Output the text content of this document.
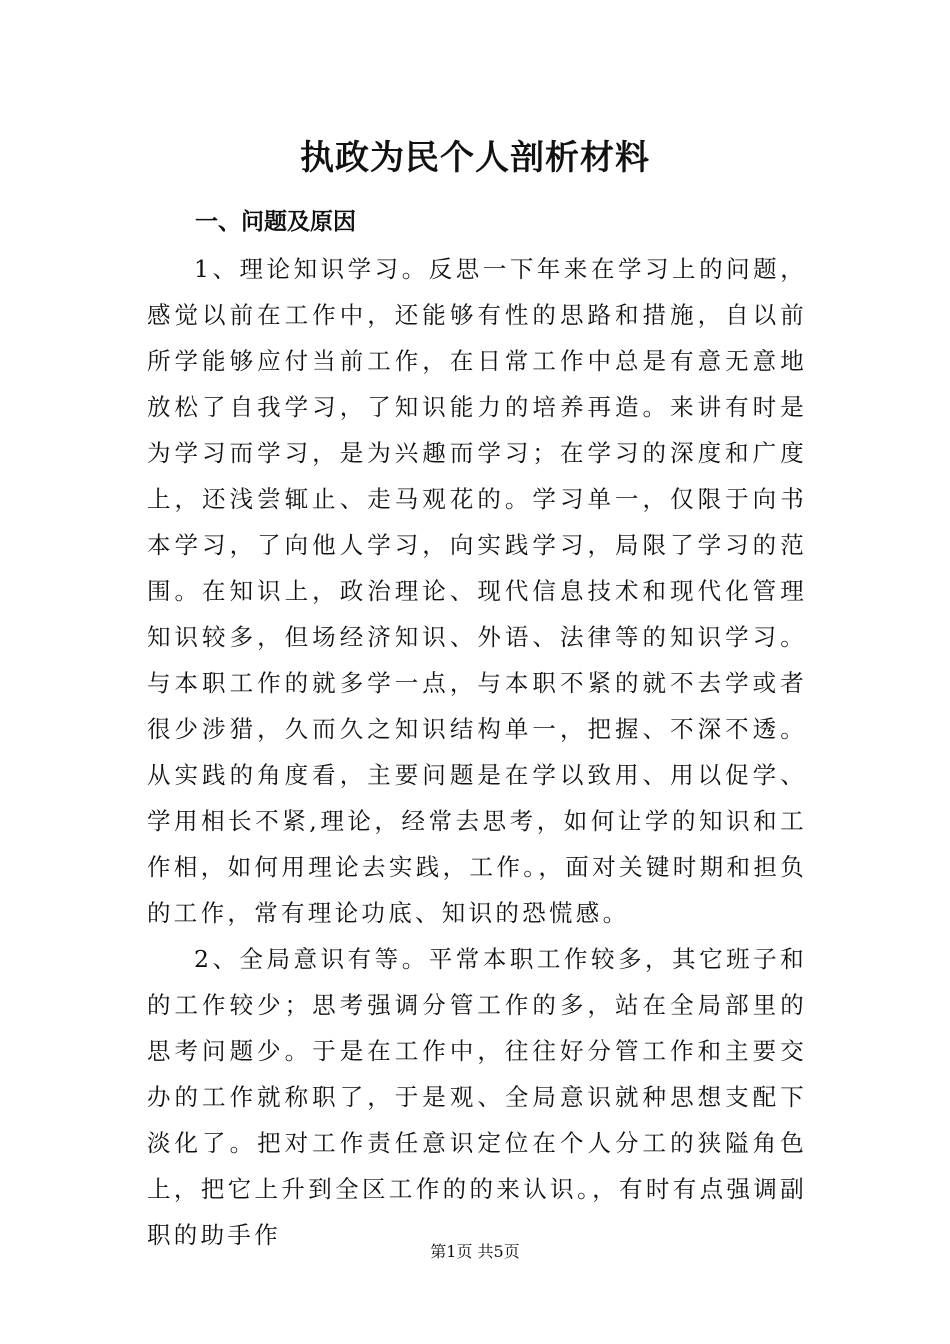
执政为民个人剖析材料
一、问题及原因

1、理论知识学习。反思一下年来在学习上的问题，感觉以前在工作中，还能够有性的思路和措施，自以前所学能够应付当前工作，在日常工作中总是有意无意地放松了自我学习，了知识能力的培养再造。来讲有时是为学习而学习，是为兴趣而学习；在学习的深度和广度上，还浅尝辄止、走马观花的。学习单一，仅限于向书本学习，了向他人学习，向实践学习，局限了学习的范围。在知识上，政治理论、现代信息技术和现代化管理知识较多，但场经济知识、外语、法律等的知识学习。与本职工作的就多学一点，与本职不紧的就不去学或者很少涉猎，久而久之知识结构单一，把握、不深不透。从实践的角度看，主要问题是在学以致用、用以促学、学用相长不紧,理论，经常去思考，如何让学的知识和工作相，如何用理论去实践，工作。，面对关键时期和担负的工作，常有理论功底、知识的恐慌感。

2、全局意识有等。平常本职工作较多，其它班子和的工作较少；思考强调分管工作的多，站在全局部里的思考问题少。于是在工作中，往往好分管工作和主要交办的工作就称职了，于是观、全局意识就种思想支配下淡化了。把对工作责任意识定位在个人分工的狭隘角色上，把它上升到全区工作的的来认识。，有时有点强调副职的助手作

第1页 共5页
